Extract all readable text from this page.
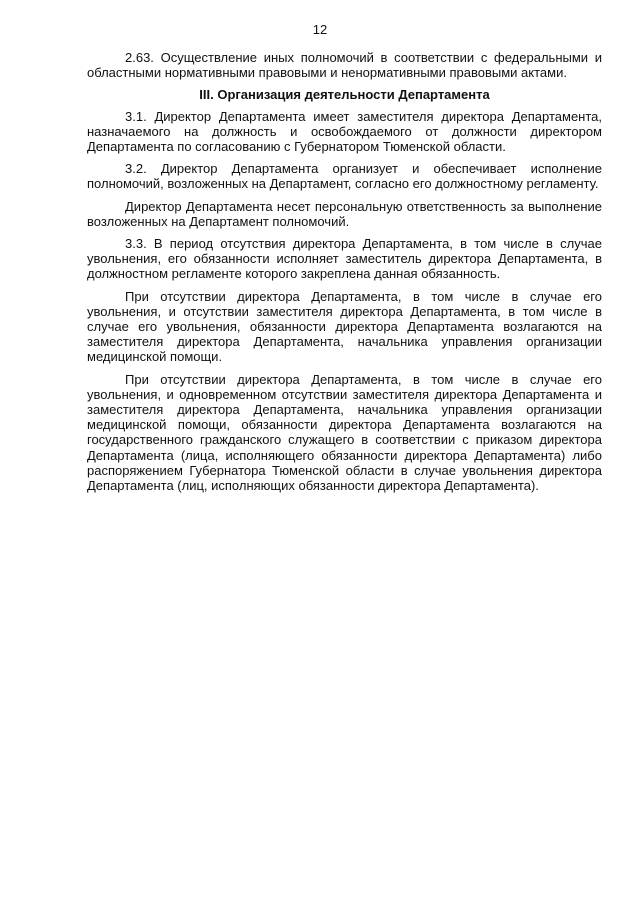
12

2.63. Осуществление иных полномочий в соответствии с федеральными и областными нормативными правовыми и ненормативными правовыми актами.

III. Организация деятельности Департамента

3.1. Директор Департамента имеет заместителя директора Департамента, назначаемого на должность и освобождаемого от должности директором Департамента по согласованию с Губернатором Тюменской области.

3.2. Директор Департамента организует и обеспечивает исполнение полномочий, возложенных на Департамент, согласно его должностному регламенту.

Директор Департамента несет персональную ответственность за выполнение возложенных на Департамент полномочий.

3.3. В период отсутствия директора Департамента, в том числе в случае увольнения, его обязанности исполняет заместитель директора Департамента, в должностном регламенте которого закреплена данная обязанность.

При отсутствии директора Департамента, в том числе в случае его увольнения, и отсутствии заместителя директора Департамента, в том числе в случае его увольнения, обязанности директора Департамента возлагаются на заместителя директора Департамента, начальника управления организации медицинской помощи.

При отсутствии директора Департамента, в том числе в случае его увольнения, и одновременном отсутствии заместителя директора Департамента и заместителя директора Департамента, начальника управления организации медицинской помощи, обязанности директора Департамента возлагаются на государственного гражданского служащего в соответствии с приказом директора Департамента (лица, исполняющего обязанности директора Департамента) либо распоряжением Губернатора Тюменской области в случае увольнения директора Департамента (лиц, исполняющих обязанности директора Департамента).
